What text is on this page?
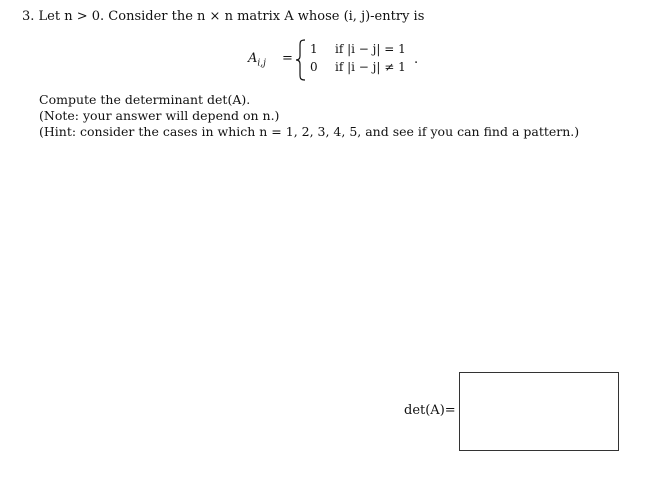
3. Let n > 0. Consider the n × n matrix A whose (i, j)-entry is
$A_{i,j}$ =
1 if |i − j| = 1
0 if |i − j| ≠ 1 .
Compute the determinant det(A).
(Note: your answer will depend on n.)
(Hint: consider the cases in which n = 1, 2, 3, 4, 5, and see if you can find a pattern.)
det(A)=
